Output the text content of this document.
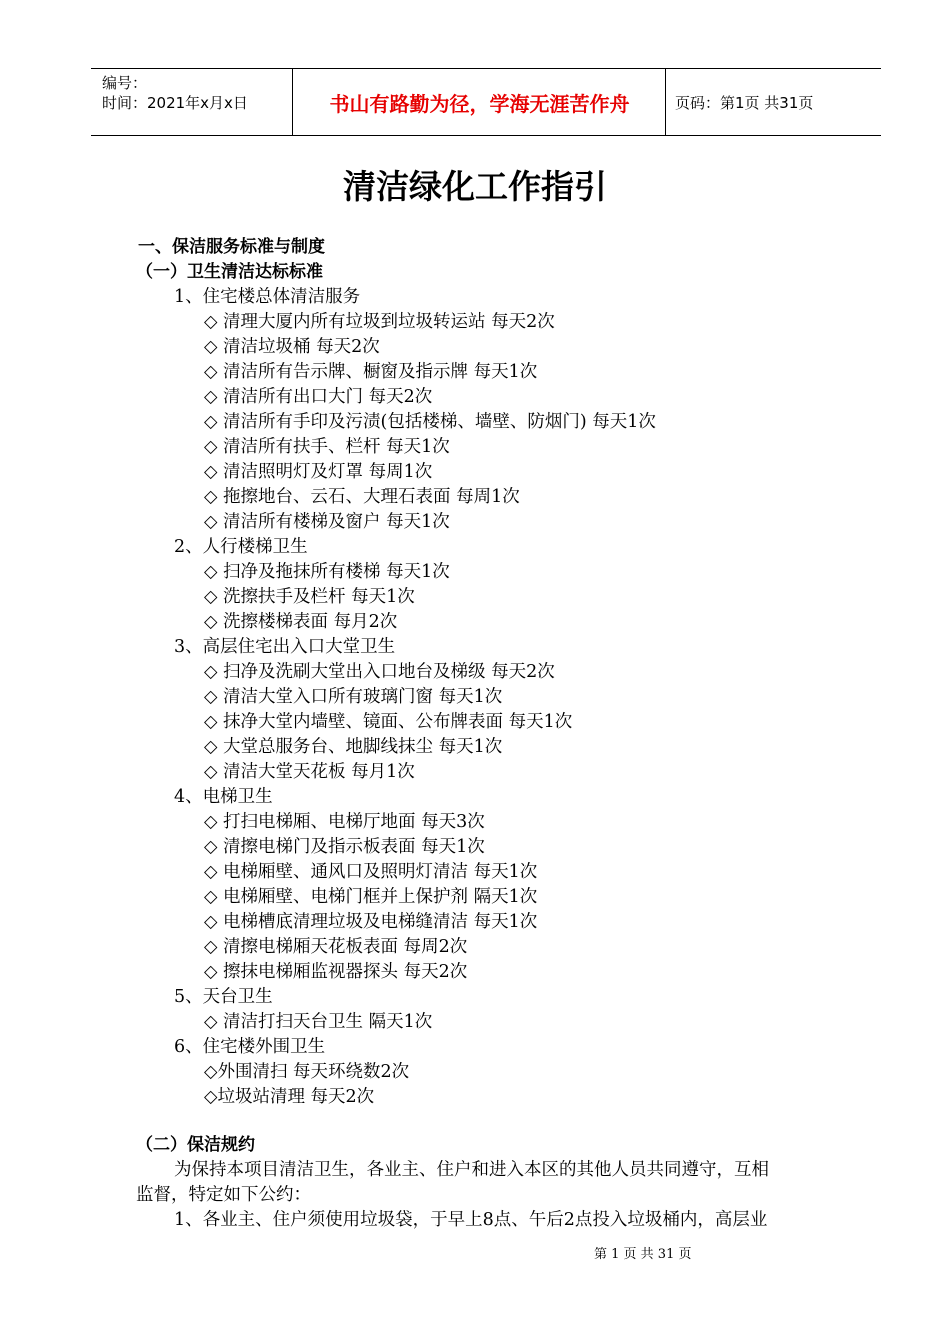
编号：
时间：2021年x月x日	书山有路勤为径，学海无涯苦作舟	页码：第1页 共31页
清洁绿化工作指引
一、保洁服务标准与制度
（一）卫生清洁达标标准
1、住宅楼总体清洁服务
◇ 清理大厦内所有垃圾到垃圾转运站 每天2次
◇ 清洁垃圾桶 每天2次
◇ 清洁所有告示牌、橱窗及指示牌 每天1次
◇ 清洁所有出口大门 每天2次
◇ 清洁所有手印及污渍(包括楼梯、墙壁、防烟门) 每天1次
◇ 清洁所有扶手、栏杆 每天1次
◇ 清洁照明灯及灯罩 每周1次
◇ 拖擦地台、云石、大理石表面 每周1次
◇ 清洁所有楼梯及窗户 每天1次
2、人行楼梯卫生
◇ 扫净及拖抹所有楼梯 每天1次
◇ 洗擦扶手及栏杆 每天1次
◇ 洗擦楼梯表面 每月2次
3、高层住宅出入口大堂卫生
◇ 扫净及洗刷大堂出入口地台及梯级 每天2次
◇ 清洁大堂入口所有玻璃门窗 每天1次
◇ 抹净大堂内墙壁、镜面、公布牌表面 每天1次
◇ 大堂总服务台、地脚线抹尘 每天1次
◇ 清洁大堂天花板 每月1次
4、电梯卫生
◇ 打扫电梯厢、电梯厅地面 每天3次
◇ 清擦电梯门及指示板表面 每天1次
◇ 电梯厢壁、通风口及照明灯清洁 每天1次
◇ 电梯厢壁、电梯门框并上保护剂 隔天1次
◇ 电梯槽底清理垃圾及电梯缝清洁 每天1次
◇ 清擦电梯厢天花板表面 每周2次
◇ 擦抹电梯厢监视器探头 每天2次
5、天台卫生
◇ 清洁打扫天台卫生 隔天1次
6、住宅楼外围卫生
◇外围清扫 每天环绕数2次
◇垃圾站清理 每天2次
（二）保洁规约
为保持本项目清洁卫生，各业主、住户和进入本区的其他人员共同遵守，互相
监督，特定如下公约：
1、各业主、住户须使用垃圾袋，于早上8点、午后2点投入垃圾桶内，高层业
第 1 页 共 31 页
